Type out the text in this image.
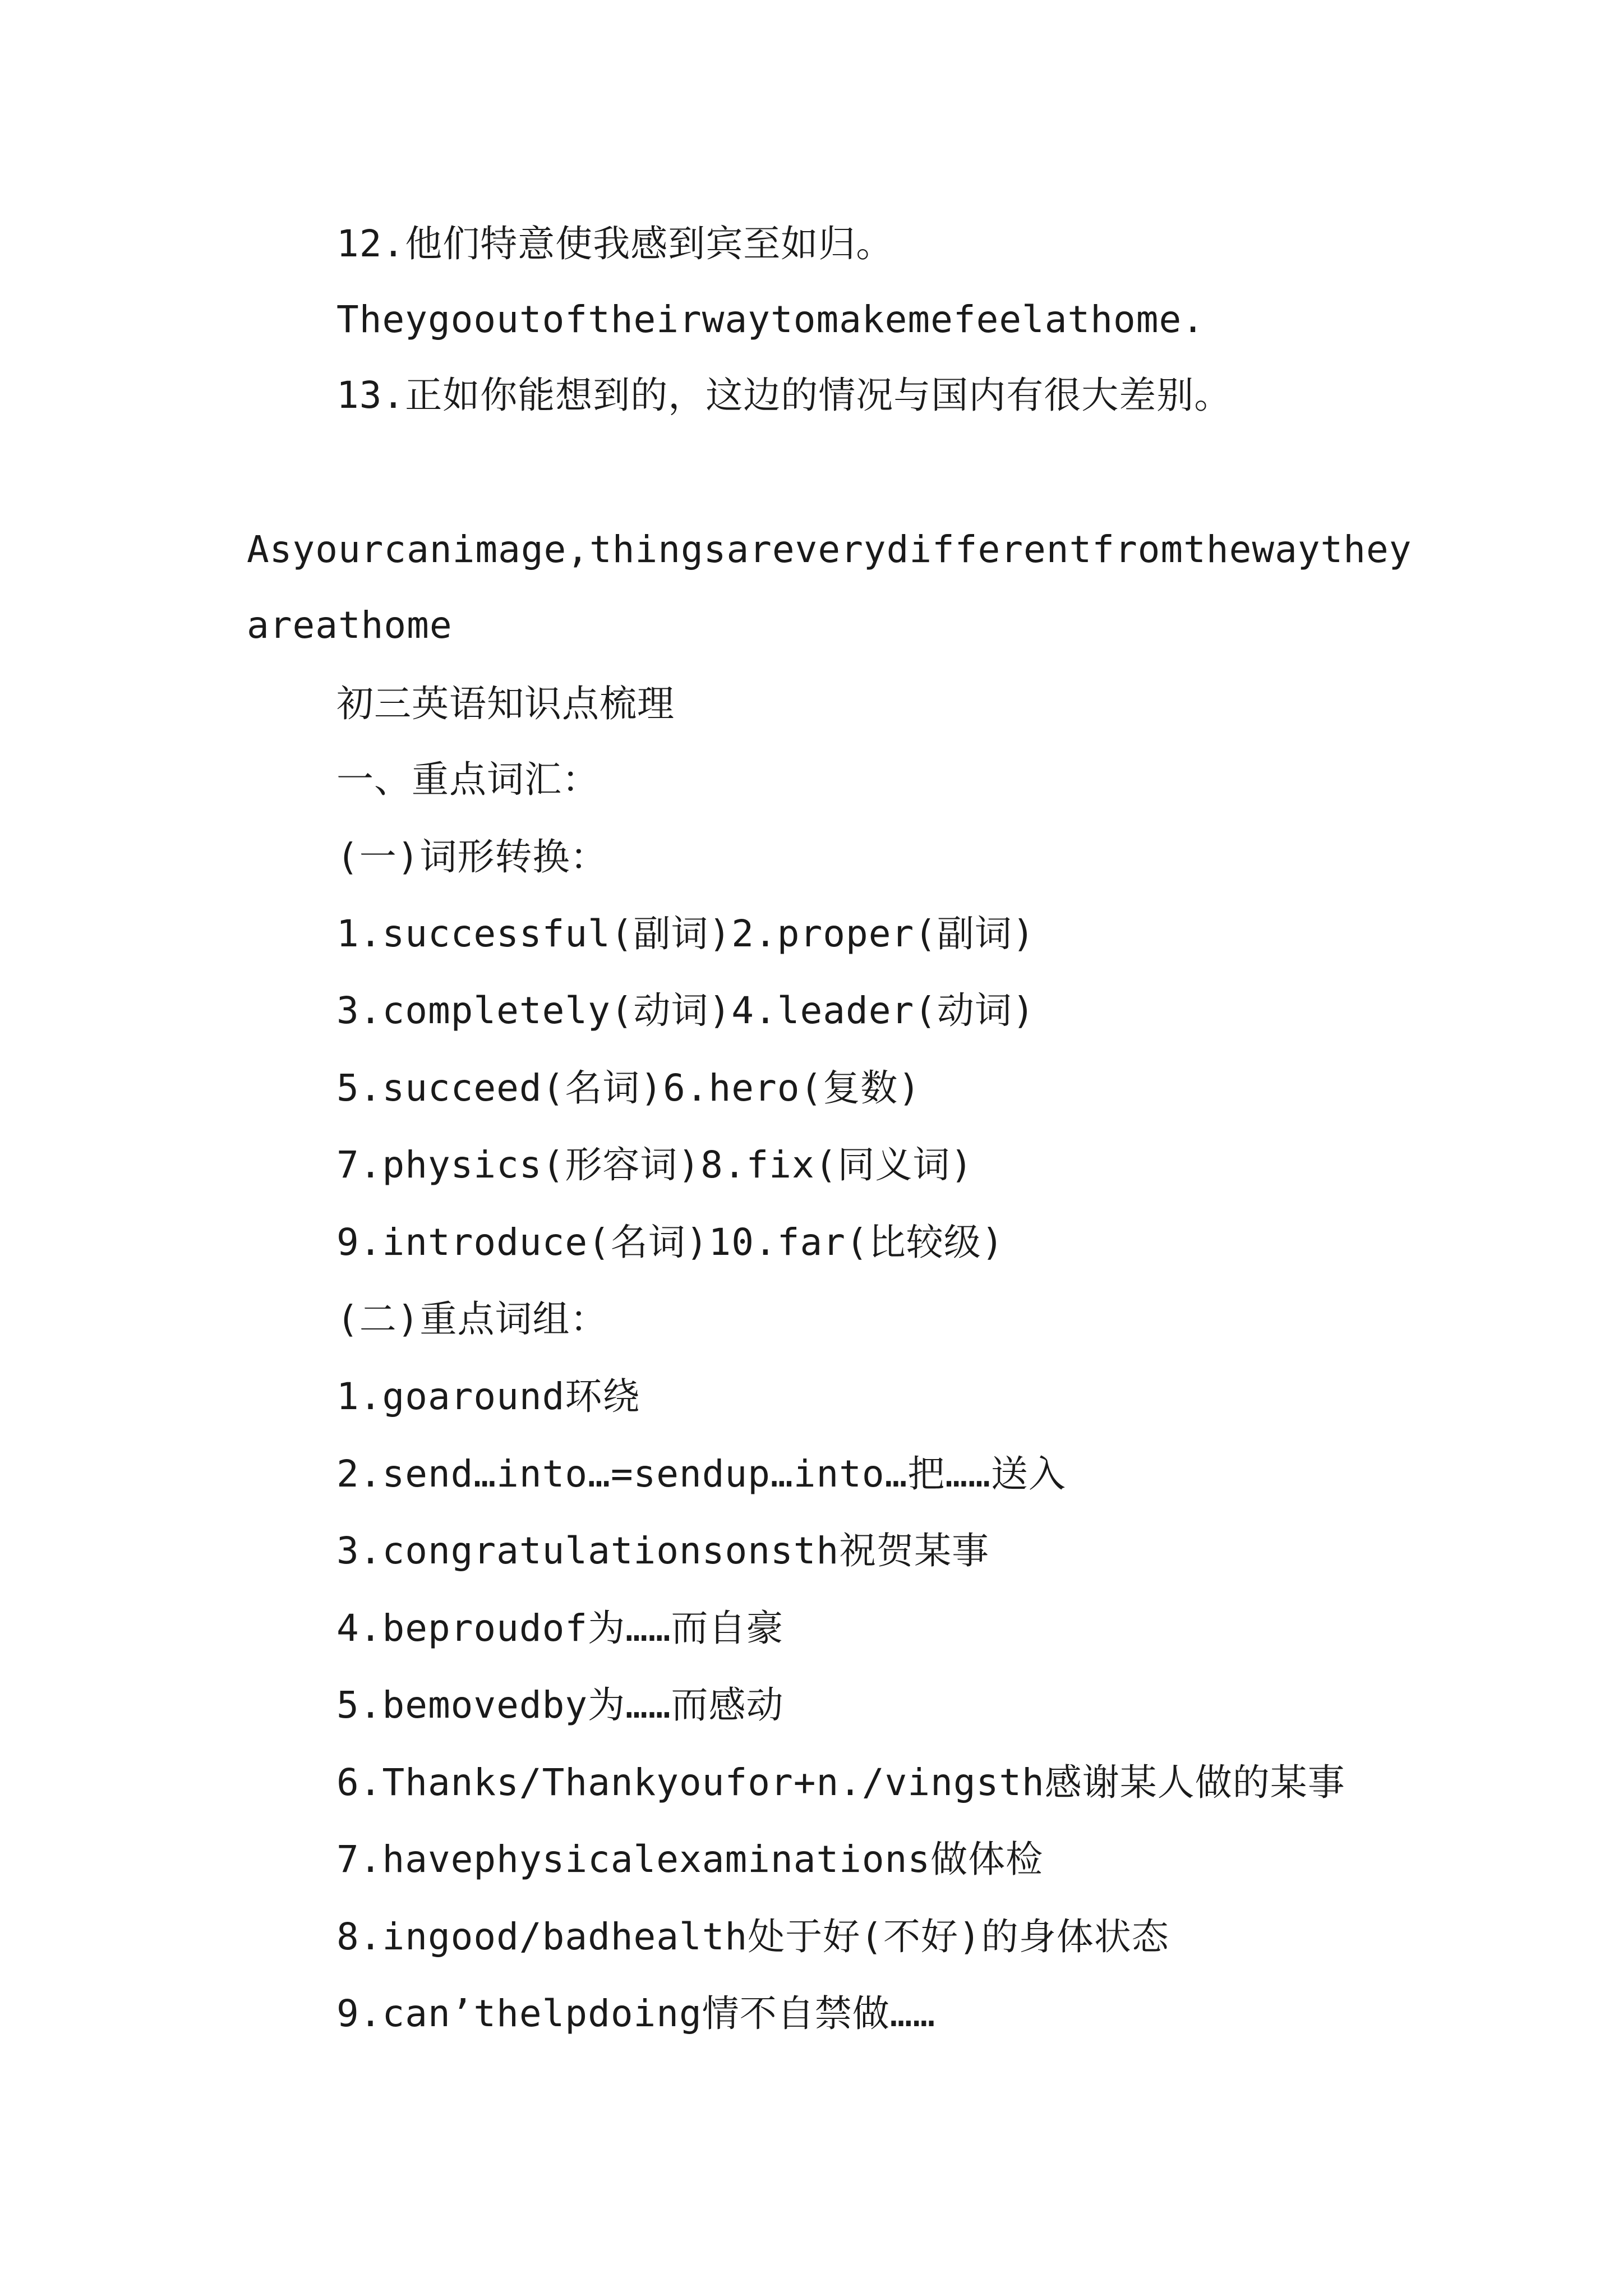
12.他们特意使我感到宾至如归。
Theygooutoftheirwaytomakemefeelathome.
13.正如你能想到的，这边的情况与国内有很大差别。
Asyourcanimage,thingsareverydifferentfromthewaythey
areathome
初三英语知识点梳理
一、重点词汇：
(一)词形转换：
1.successful(副词)2.proper(副词)
3.completely(动词)4.leader(动词)
5.succeed(名词)6.hero(复数)
7.physics(形容词)8.fix(同义词)
9.introduce(名词)10.far(比较级)
(二)重点词组：
1.goaround环绕
2.send…into…=sendup…into…把……送入
3.congratulationsonsth祝贺某事
4.beproudof为……而自豪
5.bemovedby为……而感动
6.Thanks/Thankyoufor+n./vingsth感谢某人做的某事
7.havephysicalexaminations做体检
8.ingood/badhealth处于好(不好)的身体状态
9.can’thelpdoing情不自禁做……
